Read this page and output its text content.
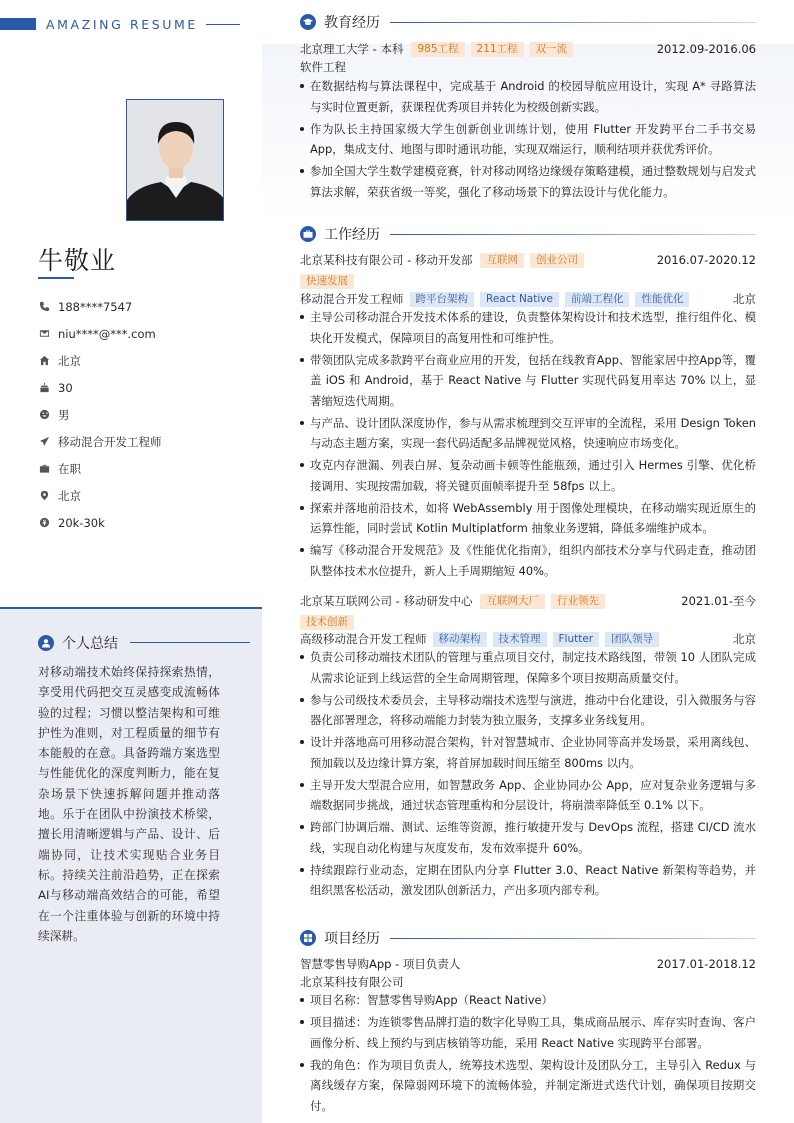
AMAZING RESUME
牛敬业
188****7547
niu****@***.com
北京
30
男
移动混合开发工程师
在职
北京
20k-30k
个人总结
对移动端技术始终保持探索热情，享受用代码把交互灵感变成流畅体验的过程；习惯以整洁架构和可维护性为准则，对工程质量的细节有本能般的在意。具备跨端方案选型与性能优化的深度判断力，能在复杂场景下快速拆解问题并推动落地。乐于在团队中扮演技术桥梁，擅长用清晰逻辑与产品、设计、后端协同，让技术实现贴合业务目标。持续关注前沿趋势，正在探索AI与移动端高效结合的可能，希望在一个注重体验与创新的环境中持续深耕。
教育经历
北京理工大学 - 本科	985工程	211工程	双一流	2012.09-2016.06
软件工程
在数据结构与算法课程中，完成基于 Android 的校园导航应用设计，实现 A* 寻路算法与实时位置更新，获课程优秀项目并转化为校级创新实践。
作为队长主持国家级大学生创新创业训练计划，使用 Flutter 开发跨平台二手书交易App，集成支付、地图与即时通讯功能，实现双端运行，顺利结项并获优秀评价。
参加全国大学生数学建模竞赛，针对移动网络边缘缓存策略建模，通过整数规划与启发式算法求解，荣获省级一等奖，强化了移动场景下的算法设计与优化能力。
工作经历
北京某科技有限公司 - 移动开发部	互联网	创业公司	2016.07-2020.12
快速发展
移动混合开发工程师	跨平台架构	React Native	前端工程化	性能优化	北京
主导公司移动混合开发技术体系的建设，负责整体架构设计和技术选型，推行组件化、模块化开发模式，保障项目的高复用性和可维护性。
带领团队完成多款跨平台商业应用的开发，包括在线教育App、智能家居中控App等，覆盖 iOS 和 Android，基于 React Native 与 Flutter 实现代码复用率达 70% 以上，显著缩短迭代周期。
与产品、设计团队深度协作，参与从需求梳理到交互评审的全流程，采用 Design Token 与动态主题方案，实现一套代码适配多品牌视觉风格，快速响应市场变化。
攻克内存泄漏、列表白屏、复杂动画卡顿等性能瓶颈，通过引入 Hermes 引擎、优化桥接调用、实现按需加载，将关键页面帧率提升至 58fps 以上。
探索并落地前沿技术，如将 WebAssembly 用于图像处理模块，在移动端实现近原生的运算性能，同时尝试 Kotlin Multiplatform 抽象业务逻辑，降低多端维护成本。
编写《移动混合开发规范》及《性能优化指南》，组织内部技术分享与代码走查，推动团队整体技术水位提升，新人上手周期缩短 40%。
北京某互联网公司 - 移动研发中心	互联网大厂	行业领先	2021.01-至今
技术创新
高级移动混合开发工程师	移动架构	技术管理	Flutter	团队领导	北京
负责公司移动端技术团队的管理与重点项目交付，制定技术路线图，带领 10 人团队完成从需求论证到上线运营的全生命周期管理，保障多个项目按期高质量交付。
参与公司级技术委员会，主导移动端技术选型与演进，推动中台化建设，引入微服务与容器化部署理念，将移动端能力封装为独立服务，支撑多业务线复用。
设计并落地高可用移动混合架构，针对智慧城市、企业协同等高并发场景，采用离线包、预加载以及边缘计算方案，将首屏加载时间压缩至 800ms 以内。
主导开发大型混合应用，如智慧政务 App、企业协同办公 App，应对复杂业务逻辑与多端数据同步挑战，通过状态管理重构和分层设计，将崩溃率降低至 0.1% 以下。
跨部门协调后端、测试、运维等资源，推行敏捷开发与 DevOps 流程，搭建 CI/CD 流水线，实现自动化构建与灰度发布，发布效率提升 60%。
持续跟踪行业动态，定期在团队内分享 Flutter 3.0、React Native 新架构等趋势，并组织黑客松活动，激发团队创新活力，产出多项内部专利。
项目经历
智慧零售导购App - 项目负责人	2017.01-2018.12
北京某科技有限公司
项目名称：智慧零售导购App（React Native）
项目描述：为连锁零售品牌打造的数字化导购工具，集成商品展示、库存实时查询、客户画像分析、线上预约与到店核销等功能，采用 React Native 实现跨平台部署。
我的角色：作为项目负责人，统筹技术选型、架构设计及团队分工，主导引入 Redux 与离线缓存方案，保障弱网环境下的流畅体验，并制定渐进式迭代计划，确保项目按期交付。
